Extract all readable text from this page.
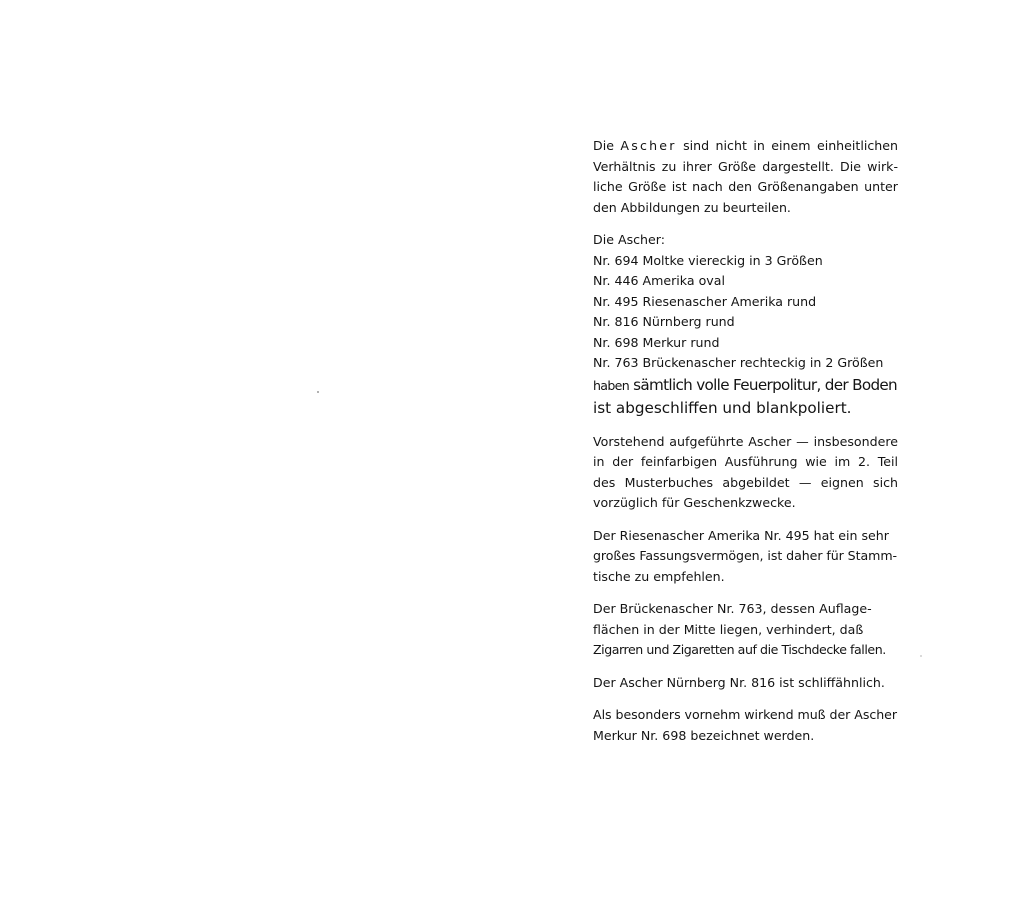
Die Ascher sind nicht in einem einheitlichen
Verhältnis zu ihrer Größe dargestellt. Die wirk-
liche Größe ist nach den Größenangaben unter
den Abbildungen zu beurteilen.

Die Ascher:
Nr. 694 Moltke viereckig in 3 Größen
Nr. 446 Amerika oval
Nr. 495 Riesenascher Amerika rund
Nr. 816 Nürnberg rund
Nr. 698 Merkur rund
Nr. 763 Brückenascher rechteckig in 2 Größen
haben sämtlich volle Feuerpolitur, der Boden
ist abgeschliffen und blankpoliert.

Vorstehend aufgeführte Ascher — insbesondere
in der feinfarbigen Ausführung wie im 2. Teil
des Musterbuches abgebildet — eignen sich
vorzüglich für Geschenkzwecke.

Der Riesenascher Amerika Nr. 495 hat ein sehr
großes Fassungsvermögen, ist daher für Stamm-
tische zu empfehlen.

Der Brückenascher Nr. 763, dessen Auflage-
flächen in der Mitte liegen, verhindert, daß
Zigarren und Zigaretten auf die Tischdecke fallen.

Der Ascher Nürnberg Nr. 816 ist schliffähnlich.

Als besonders vornehm wirkend muß der Ascher
Merkur Nr. 698 bezeichnet werden.
